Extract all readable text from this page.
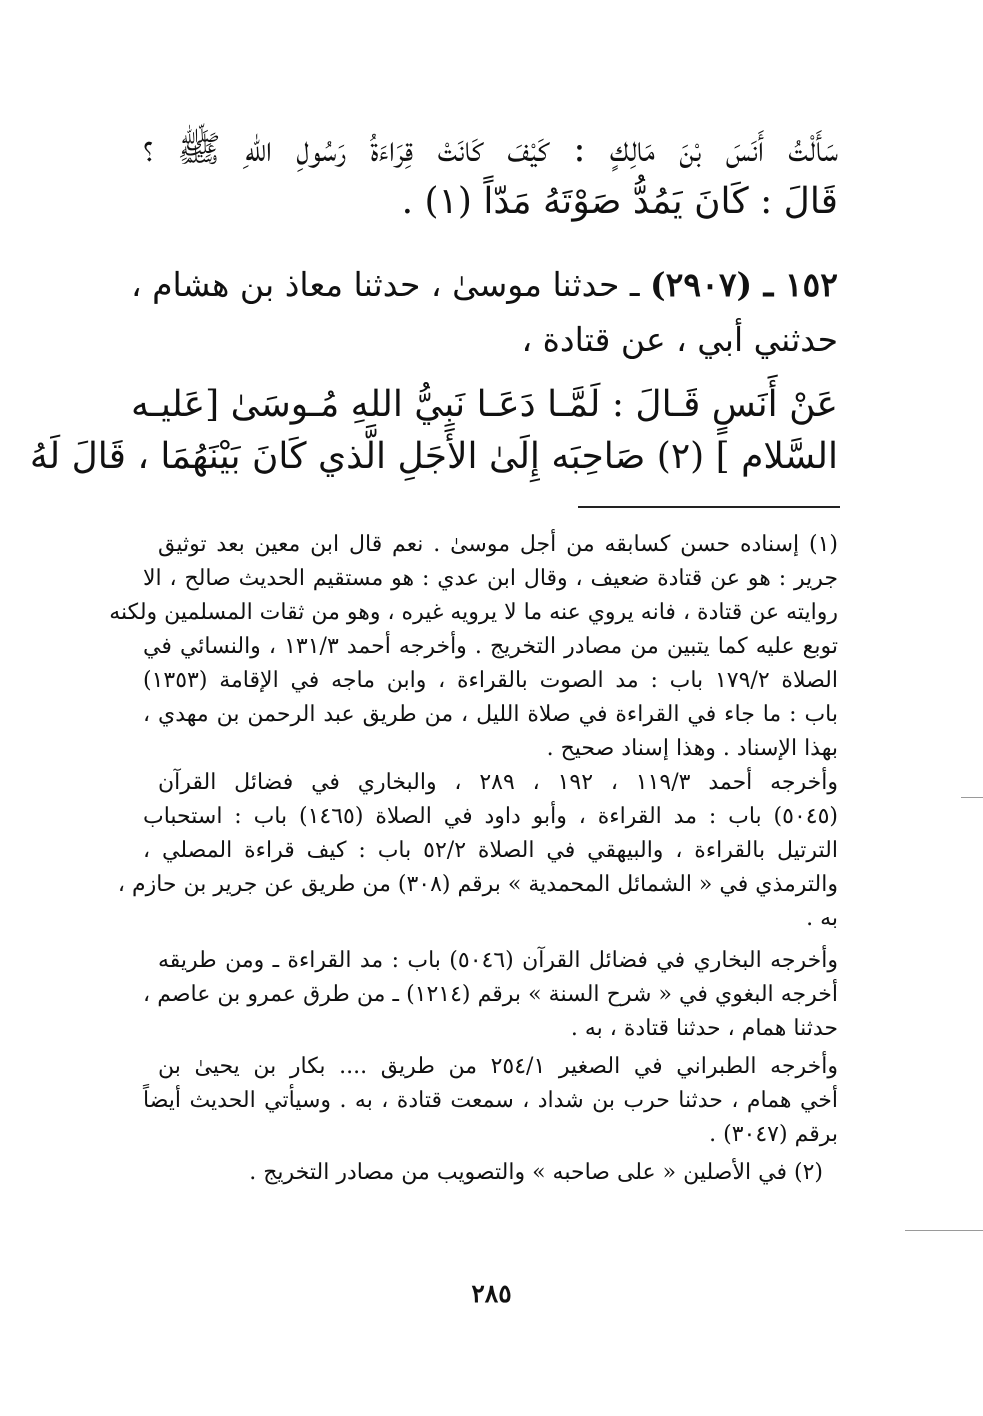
سَأَلْتُ أَنَسَ بْنَ مَالِكٍ : كَيْفَ كَانَتْ قِرَاءَةُ رَسُولِ اللهِ ﷺ ؟
قَالَ : كَانَ يَمُدُّ صَوْتَهُ مَدّاً (١) .
١٥٢ ـ (٢٩٠٧) ـ حدثنا موسىٰ ، حدثنا معاذ بن هشام ،
حدثني أبي ، عن قتادة ،
عَنْ أَنَسٍ قَـالَ : لَمَّـا دَعَـا نَبِيُّ اللهِ مُـوسَىٰ [عَليـه
السَّلام ] (٢) صَاحِبَه إِلَىٰ الأَجَلِ الَّذي كَانَ بَيْنَهُمَا ، قَالَ لَهُ
(١) إسناده حسن كسابقه من أجل موسىٰ . نعم قال ابن معين بعد توثيق
جرير : هو عن قتادة ضعيف ، وقال ابن عدي : هو مستقيم الحديث صالح ، الا
روايته عن قتادة ، فانه يروي عنه ما لا يرويه غيره ، وهو من ثقات المسلمين ولكنه
توبع عليه كما يتبين من مصادر التخريج . وأخرجه أحمد ١٣١/٣ ، والنسائي في
الصلاة ١٧٩/٢ باب : مد الصوت بالقراءة ، وابن ماجه في الإقامة (١٣٥٣)
باب : ما جاء في القراءة في صلاة الليل ، من طريق عبد الرحمن بن مهدي ،
بهذا الإسناد . وهذا إسناد صحيح .
وأخرجه أحمد ١١٩/٣ ، ١٩٢ ، ٢٨٩ ، والبخاري في فضائل القرآن
(٥٠٤٥) باب : مد القراءة ، وأبو داود في الصلاة (١٤٦٥) باب : استحباب
الترتيل بالقراءة ، والبيهقي في الصلاة ٥٢/٢ باب : كيف قراءة المصلي ،
والترمذي في « الشمائل المحمدية » برقم (٣٠٨) من طريق عن جرير بن حازم ،
به .
وأخرجه البخاري في فضائل القرآن (٥٠٤٦) باب : مد القراءة ـ ومن طريقه
أخرجه البغوي في « شرح السنة » برقم (١٢١٤) ـ من طرق عمرو بن عاصم ،
حدثنا همام ، حدثنا قتادة ، به .
وأخرجه الطبراني في الصغير ٢٥٤/١ من طريق .... بكار بن يحيىٰ بن
أخي همام ، حدثنا حرب بن شداد ، سمعت قتادة ، به . وسيأتي الحديث أيضاً
برقم (٣٠٤٧) .
(٢) في الأصلين « على صاحبه » والتصويب من مصادر التخريج .
٢٨٥
